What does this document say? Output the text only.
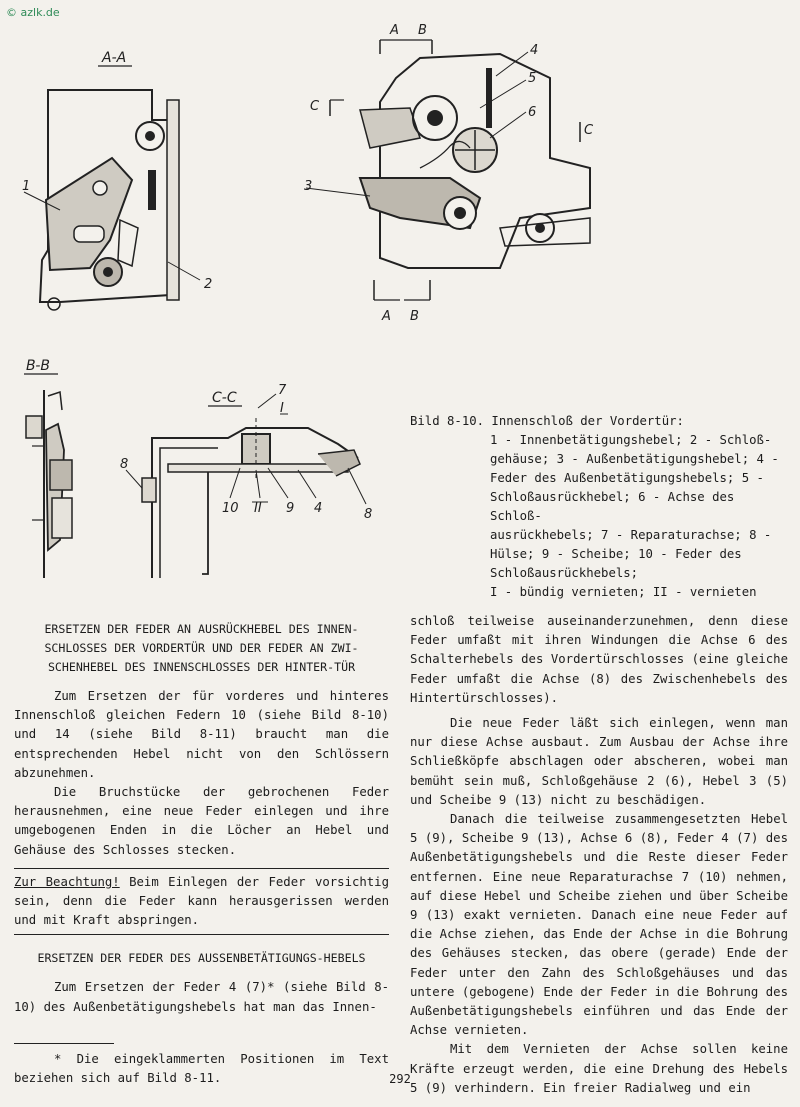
© azlk.de
A-A
1
2
A B
C
C
4
5
6
3
A B
B-B
C-C	7
I
10 II 9 4	8
8
Bild 8-10. Innenschloß der Vordertür:
1 - Innenbetätigungshebel; 2 - Schloß-
gehäuse; 3 - Außenbetätigungshebel; 4 -
Feder des Außenbetätigungshebels; 5 -
Schloßausrückhebel; 6 - Achse des Schloß-
ausrückhebels; 7 - Reparaturachse; 8 -
Hülse; 9 - Scheibe; 10 - Feder des
Schloßausrückhebels;
I - bündig vernieten; II - vernieten
ERSETZEN DER FEDER AN AUSRÜCKHEBEL DES INNEN-SCHLOSSES DER VORDERTÜR UND DER FEDER AN ZWI-SCHENHEBEL DES INNENSCHLOSSES DER HINTER-TÜR

Zum Ersetzen der für vorderes und hinteres Innenschloß gleichen Federn 10 (siehe Bild 8-10) und 14 (siehe Bild 8-11) braucht man die entsprechenden Hebel nicht von den Schlössern abzunehmen.

Die Bruchstücke der gebrochenen Feder herausnehmen, eine neue Feder einlegen und ihre umgebogenen Enden in die Löcher an Hebel und Gehäuse des Schlosses stecken.

Zur Beachtung! Beim Einlegen der Feder vorsichtig sein, denn die Feder kann herausgerissen werden und mit Kraft abspringen.

ERSETZEN DER FEDER DES AUSSENBETÄTIGUNGS-HEBELS

Zum Ersetzen der Feder 4 (7)* (siehe Bild 8-10) des Außenbetätigungshebels hat man das Innen-

* Die eingeklammerten Positionen im Text beziehen sich auf Bild 8-11.

schloß teilweise auseinanderzunehmen, denn diese Feder umfaßt mit ihren Windungen die Achse 6 des Schalterhebels des Vordertürschlosses (eine gleiche Feder umfaßt die Achse (8) des Zwischenhebels des Hintertürschlosses).

Die neue Feder läßt sich einlegen, wenn man nur diese Achse ausbaut. Zum Ausbau der Achse ihre Schließköpfe abschlagen oder abscheren, wobei man bemüht sein muß, Schloßgehäuse 2 (6), Hebel 3 (5) und Scheibe 9 (13) nicht zu beschädigen.

Danach die teilweise zusammengesetzten Hebel 5 (9), Scheibe 9 (13), Achse 6 (8), Feder 4 (7) des Außenbetätigungshebels und die Reste dieser Feder entfernen. Eine neue Reparaturachse 7 (10) nehmen, auf diese Hebel und Scheibe ziehen und über Scheibe 9 (13) exakt vernieten. Danach eine neue Feder auf die Achse ziehen, das Ende der Achse in die Bohrung des Gehäuses stecken, das obere (gerade) Ende der Feder unter den Zahn des Schloßgehäuses und das untere (gebogene) Ende der Feder in die Bohrung des Außenbetätigungshebels einführen und das Ende der Achse vernieten.

Mit dem Vernieten der Achse sollen keine Kräfte erzeugt werden, die eine Drehung des Hebels 5 (9) verhindern. Ein freier Radialweg und ein

292
